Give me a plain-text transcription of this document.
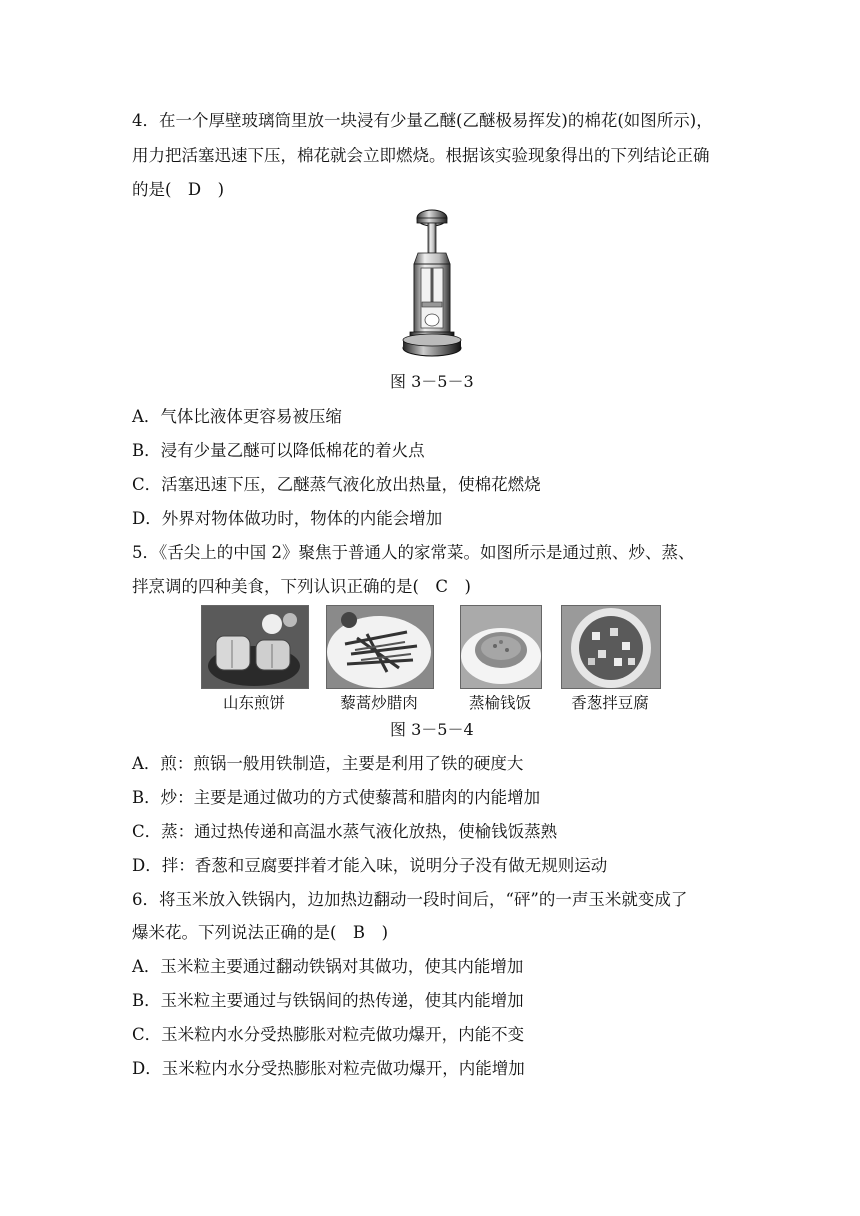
4．在一个厚壁玻璃筒里放一块浸有少量乙醚(乙醚极易挥发)的棉花(如图所示)，
用力把活塞迅速下压，棉花就会立即燃烧。根据该实验现象得出的下列结论正确
的是(　D　)
图 3－5－3
A．气体比液体更容易被压缩
B．浸有少量乙醚可以降低棉花的着火点
C．活塞迅速下压，乙醚蒸气液化放出热量，使棉花燃烧
D．外界对物体做功时，物体的内能会增加
5．《舌尖上的中国 2》聚焦于普通人的家常菜。如图所示是通过煎、炒、蒸、
拌烹调的四种美食，下列认识正确的是(　C　)
山东煎饼	藜蒿炒腊肉	蒸榆钱饭	香葱拌豆腐
图 3－5－4
A．煎：煎锅一般用铁制造，主要是利用了铁的硬度大
B．炒：主要是通过做功的方式使藜蒿和腊肉的内能增加
C．蒸：通过热传递和高温水蒸气液化放热，使榆钱饭蒸熟
D．拌：香葱和豆腐要拌着才能入味，说明分子没有做无规则运动
6．将玉米放入铁锅内，边加热边翻动一段时间后，“砰”的一声玉米就变成了
爆米花。下列说法正确的是(　B　)
A．玉米粒主要通过翻动铁锅对其做功，使其内能增加
B．玉米粒主要通过与铁锅间的热传递，使其内能增加
C．玉米粒内水分受热膨胀对粒壳做功爆开，内能不变
D．玉米粒内水分受热膨胀对粒壳做功爆开，内能增加
